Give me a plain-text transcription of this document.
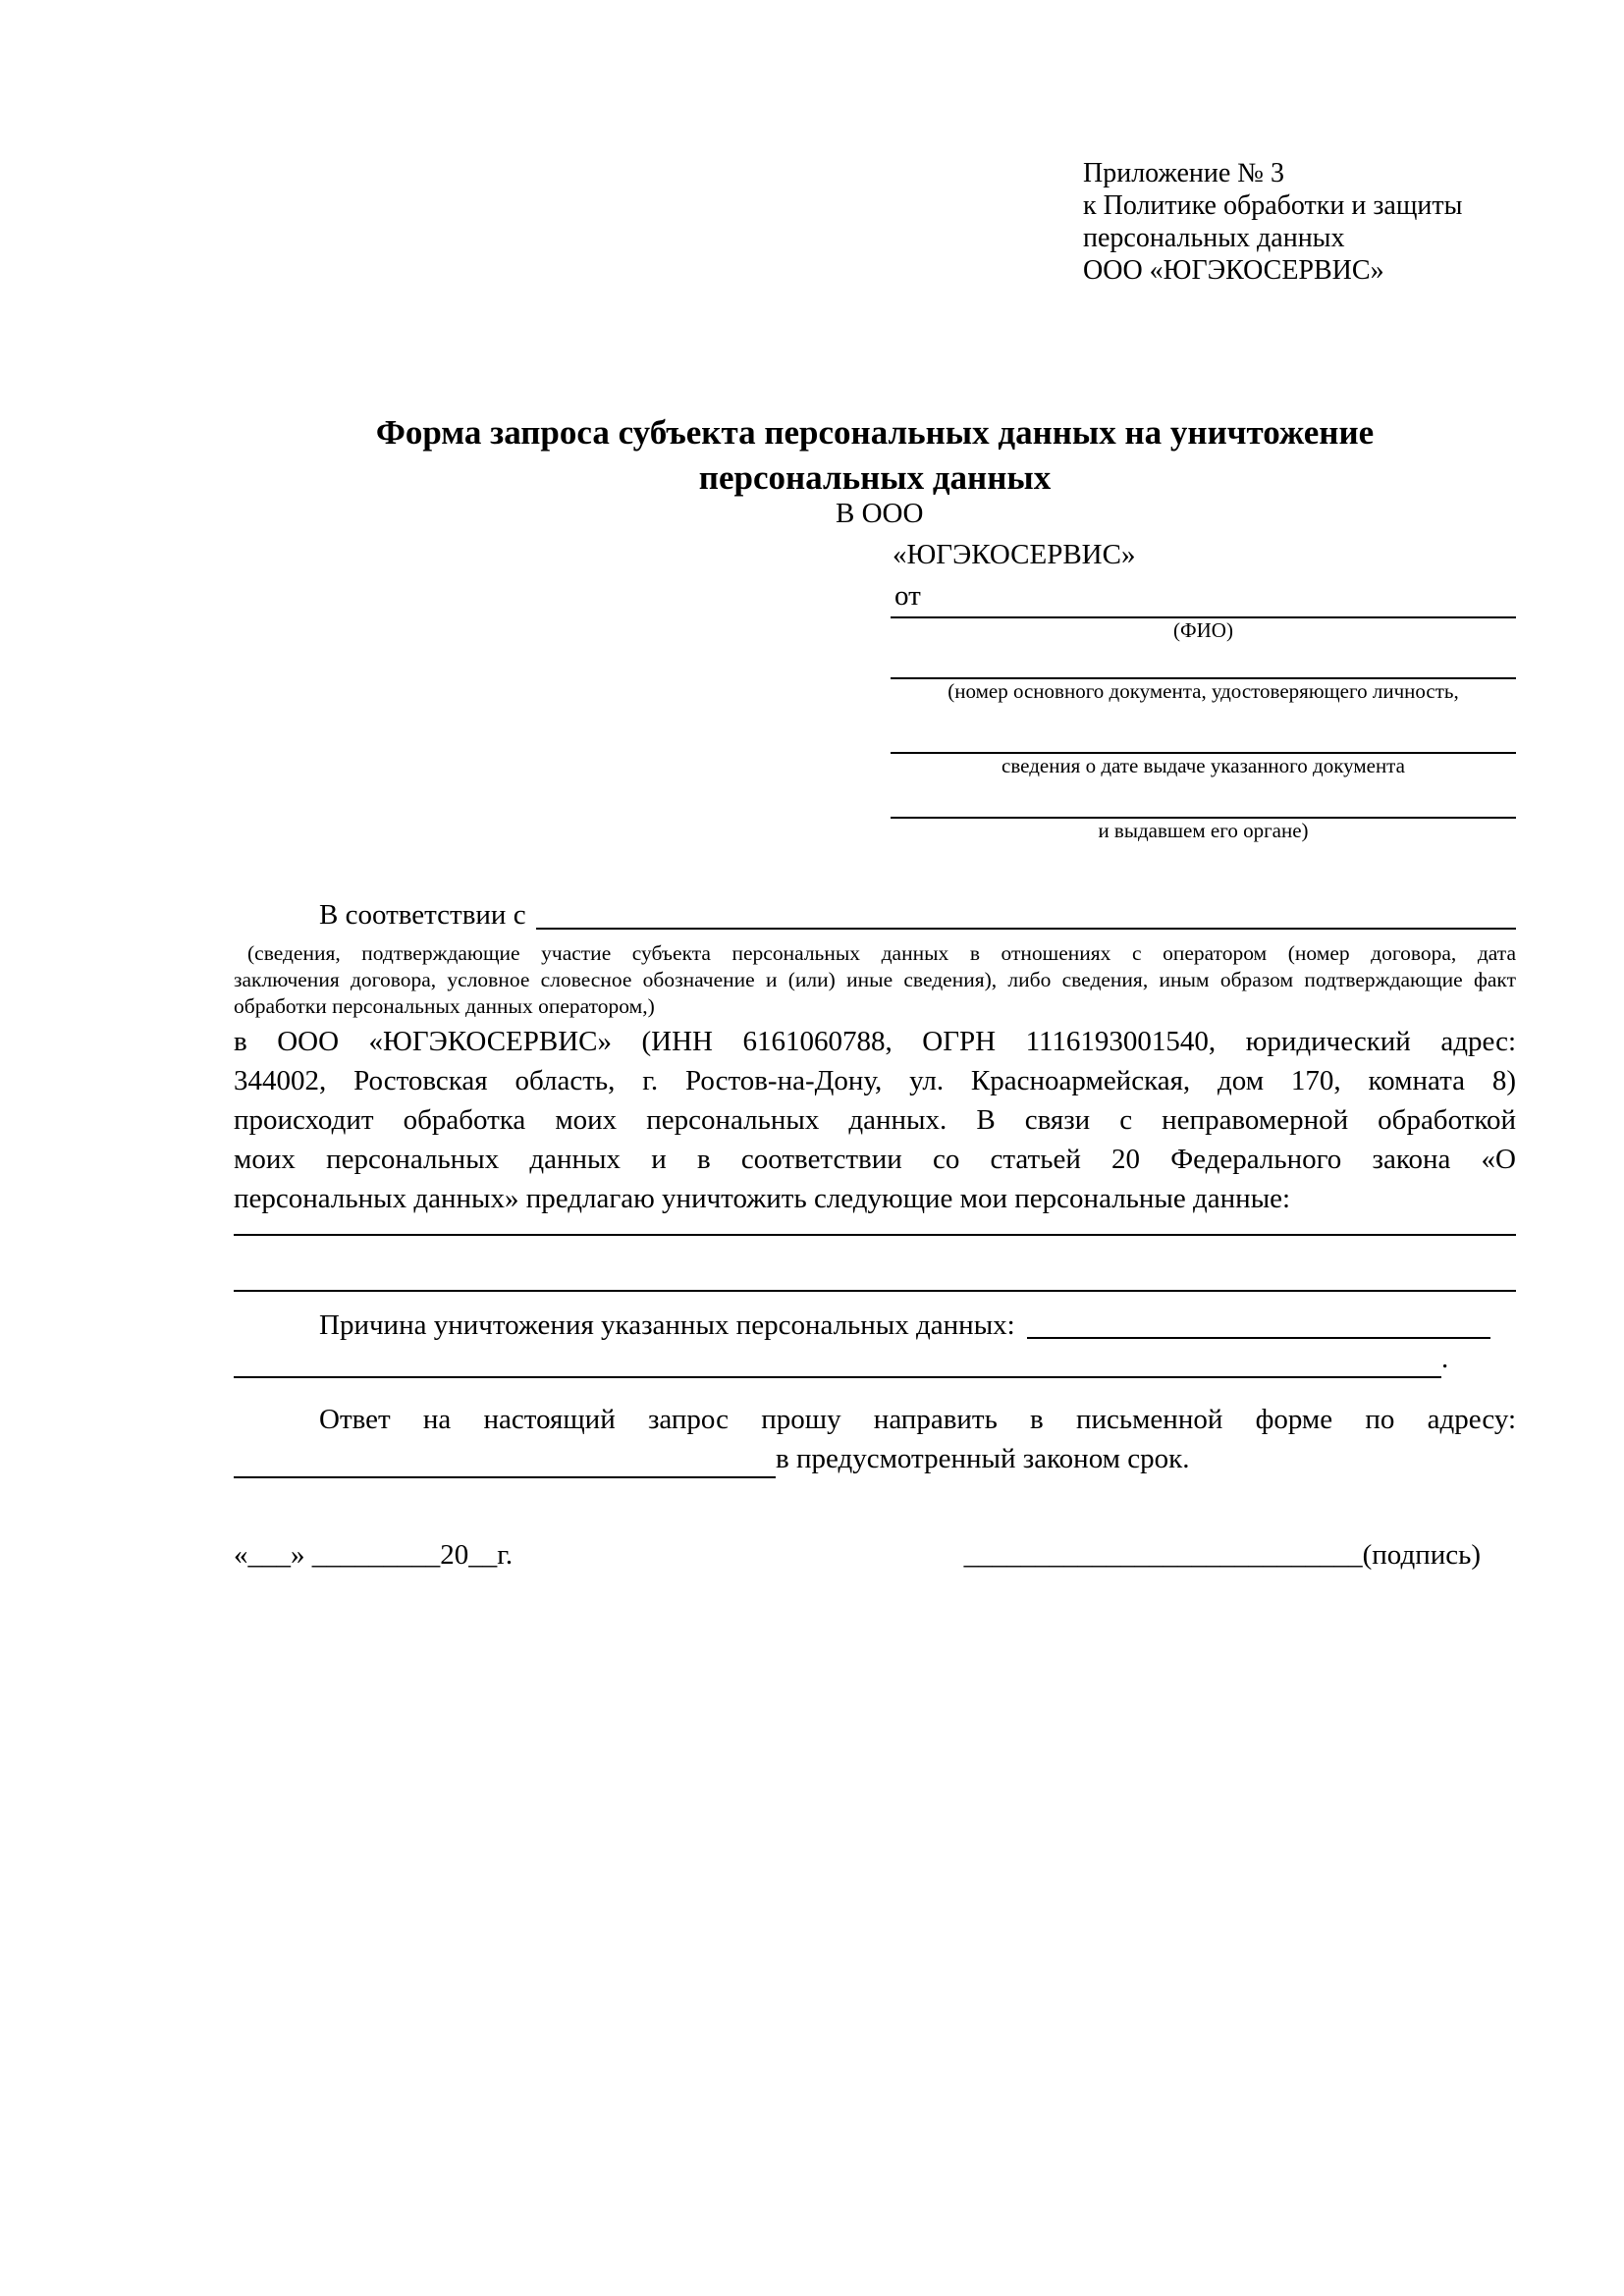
Приложение № 3
к Политике обработки и защиты
персональных данных
ООО «ЮГЭКОСЕРВИС»
Форма запроса субъекта персональных данных на уничтожение
персональных данных
В ООО
«ЮГЭКОСЕРВИС»
от
(ФИО)
(номер основного документа, удостоверяющего личность,
сведения о дате выдаче указанного документа
и выдавшем его органе)
В соответствии с
(сведения, подтверждающие участие субъекта персональных данных в отношениях с оператором (номер договора, дата
заключения договора, условное словесное обозначение и (или) иные сведения), либо сведения, иным образом подтверждающие факт
обработки персональных данных оператором,)
в ООО «ЮГЭКОСЕРВИС» (ИНН 6161060788, ОГРН 1116193001540, юридический адрес:
344002, Ростовская область, г. Ростов-на-Дону, ул. Красноармейская, дом 170, комната 8)
происходит обработка моих персональных данных. В связи с неправомерной обработкой
моих персональных данных и в соответствии со статьей 20 Федерального закона «О
персональных данных» предлагаю уничтожить следующие мои персональные данные:
Причина уничтожения указанных персональных данных:
.
Ответ на настоящий запрос прошу направить в письменной форме по адресу:
в предусмотренный законом срок.
«___» _________20__г.	____________________________(подпись)
